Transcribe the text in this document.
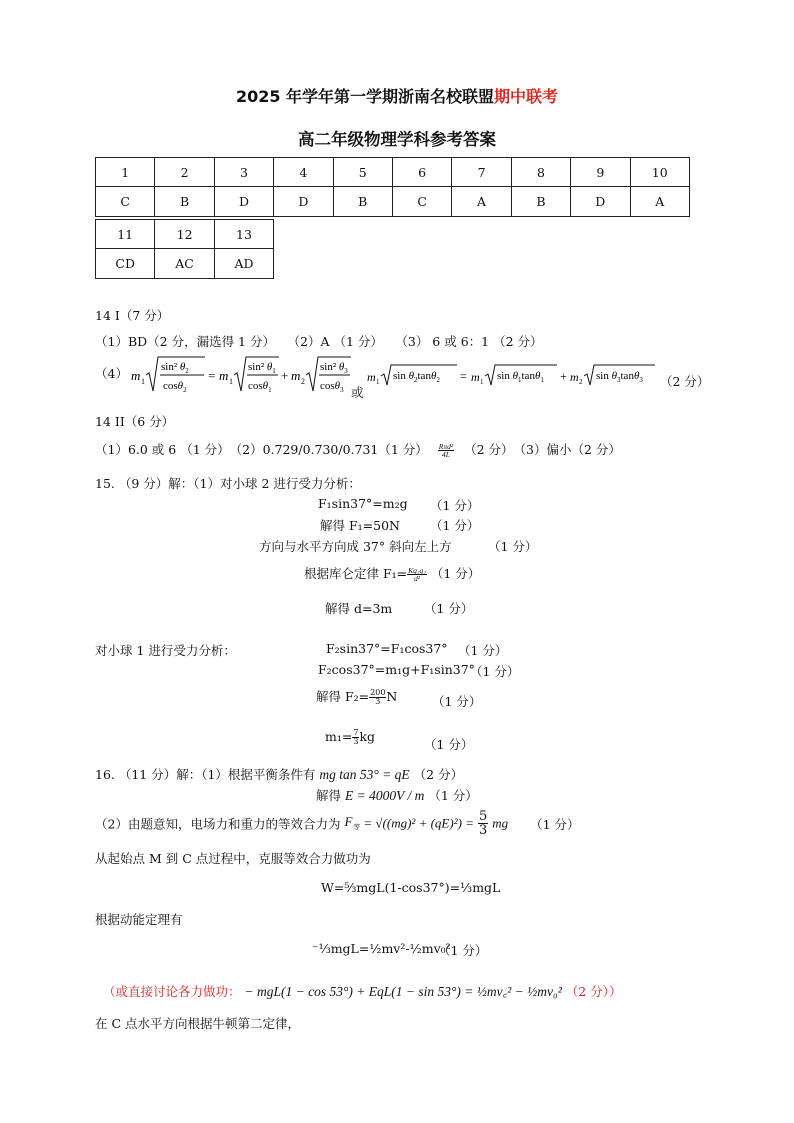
2025 年学年第一学期浙南名校联盟期中联考
高二年级物理学科参考答案
1	2	3	4	5	6	7	8	9	10
C	B	D	D	B	C	A	B	D	A
11	12	13
CD	AC	AD
14 I（7 分）
（1）BD（2 分，漏选得 1 分）　　（2）A （1 分）　　（3） 6 或 6：1 （2 分）
（4） m 1
sin² $\theta_2$
cosθ$_2$
= m 1
sin² $\theta_1$
cosθ$_1$
+ m 2
sin² $\theta_3$
cosθ$_3$ 或
m 1 $\sin \theta_2\tan\theta_2 = m$ 1 $\sin \theta_1\tan\theta_1 + m$ 2 $\sin \theta_3\tan\theta_3$ （2 分）
14 II（6 分）
（1）6.0 或 6 （1 分）　（2）0.729/0.730/0.731（1 分） $\frac{\text{Rπd²}}{4L} (2$ 分）　（3）偏小（2 分）
15. （9 分）解：（1）对小球 2 进行受力分析：
F₁sin37°=m₂g （1 分）
解得 F₁=50N （1 分）
方向与水平方向成 37° 斜向左上方	（1 分）
根据库仑定律 $F_1= \frac{\text{Kq₁q₂}}{\text{d²}} (1$ 分）
解得 d=3m	（1 分）
对小球 1 进行受力分析：	F₂sin37°=F₁cos37° （1 分）
F₂cos37°=m₁g+F₁sin37°
（1 分）
解得 $F_2= \frac{200}{3}$ N	（1 分）
$m_1= \frac{7}{3}$ kg
（1 分）
16. （11 分）解：（1）根据平衡条件有 mg tan 53° = qE （2 分）
解得 E = 4000V / m （1 分）
（2）由题意知，电场力和重力的等效合力为 $F_等 = √((mg)^2 + (qE)^2) = \frac{5}{3}$ mg （1 分）
从起始点 M 到 C 点过程中，克服等效合力做功为
W=⁵⁄₃mgL(1-cos37°)=¹⁄₃mgL
根据动能定理有
⁻¹⁄₃mgL=½mv²-½mv₀²
（1 分）
（或直接讨论各力做功： − mgL(1 − cos 53°) + EqL(1 − sin 53°) = ½mv꜀² − ½mv₀² （2 分））
在 C 点水平方向根据牛顿第二定律，
